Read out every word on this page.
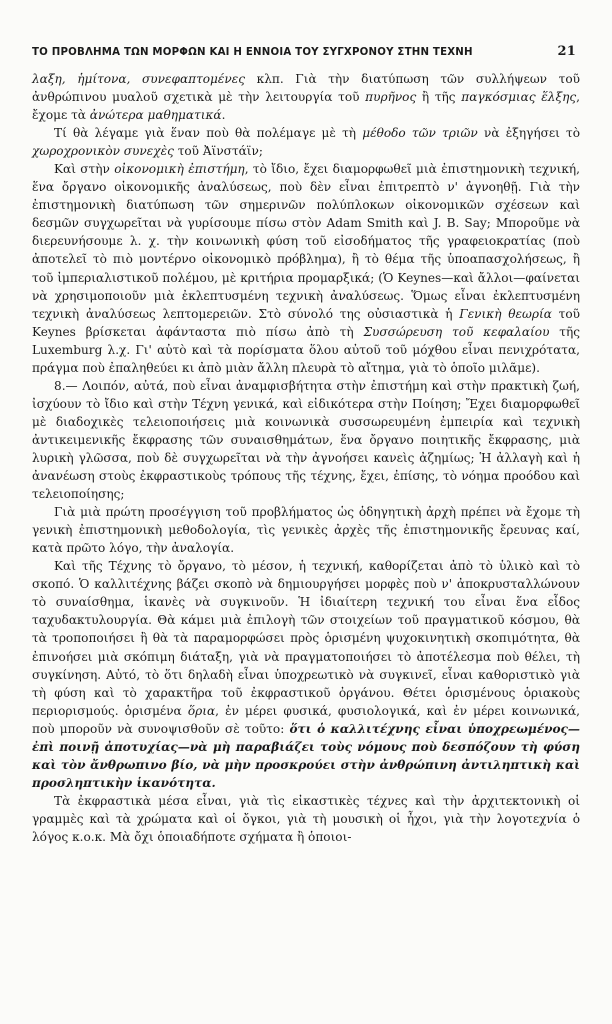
ΤΟ ΠΡΟΒΛΗΜΑ ΤΩΝ ΜΟΡΦΩΝ ΚΑΙ Η ΕΝΝΟΙΑ ΤΟΥ ΣΥΓΧΡΟΝΟΥ ΣΤΗΝ ΤΕΧΝΗ	21

λαξη, ἡμίτονα, συνεφαπτομένες κλπ. Γιὰ τὴν διατύπωση τῶν συλλήψεων τοῦ ἀνθρώπινου μυαλοῦ σχετικὰ μὲ τὴν λειτουργία τοῦ πυρῆνος ἢ τῆς παγκόσμιας ἕλξης, ἔχομε τὰ ἀνώτερα μαθηματικά.

Τί θὰ λέγαμε γιὰ ἕναν ποὺ θὰ πολέμαγε μὲ τὴ μέθοδο τῶν τριῶν νὰ ἐξηγήσει τὸ χωροχρονικὸν συνεχὲς τοῦ Ἀϊνστάϊν;

Καὶ στὴν οἰκονομικὴ ἐπιστήμη, τὸ ἴδιο, ἔχει διαμορφωθεῖ μιὰ ἐπιστημονικὴ τεχνική, ἕνα ὄργανο οἰκονομικῆς ἀναλύσεως, ποὺ δὲν εἶναι ἐπιτρεπτὸ ν' ἀγνοηθῇ. Γιὰ τὴν ἐπιστημονικὴ διατύπωση τῶν σημερινῶν πολύπλοκων οἰκονομικῶν σχέσεων καὶ δεσμῶν συγχωρεῖται νὰ γυρίσουμε πίσω στὸν Adam Smith καὶ J. B. Say; Μποροῦμε νὰ διερευνήσουμε λ. χ. τὴν κοινωνικὴ φύση τοῦ εἰσοδήματος τῆς γραφειοκρατίας (ποὺ ἀποτελεῖ τὸ πιὸ μοντέρνο οἰκονομικὸ πρόβλημα), ἢ τὸ θέμα τῆς ὑποαπασχολήσεως, ἢ τοῦ ἰμπεριαλιστικοῦ πολέμου, μὲ κριτήρια προμαρξικά; (Ὁ Keynes—καὶ ἄλλοι—φαίνεται νὰ χρησιμοποιοῦν μιὰ ἐκλεπτυσμένη τεχνικὴ ἀναλύσεως. Ὅμως εἶναι ἐκλεπτυσμένη τεχνικὴ ἀναλύσεως λεπτομερειῶν. Στὸ σύνολό της οὐσιαστικὰ ἡ Γενικὴ θεωρία τοῦ Keynes βρίσκεται ἀφάνταστα πιὸ πίσω ἀπὸ τὴ Συσσώρευση τοῦ κεφαλαίου τῆς Luxemburg λ.χ. Γι' αὐτὸ καὶ τὰ πορίσματα ὅλου αὐτοῦ τοῦ μόχθου εἶναι πενιχρότατα, πράγμα ποὺ ἐπαληθεύει κι ἀπὸ μιὰν ἄλλη πλευρὰ τὸ αἴτημα, γιὰ τὸ ὁποῖο μιλᾶμε).

8.— Λοιπόν, αὐτά, ποὺ εἶναι ἀναμφισβήτητα στὴν ἐπιστήμη καὶ στὴν πρακτικὴ ζωή, ἰσχύουν τὸ ἴδιο καὶ στὴν Τέχνη γενικά, καὶ εἰδικότερα στὴν Ποίηση; Ἔχει διαμορφωθεῖ μὲ διαδοχικὲς τελειοποιήσεις μιὰ κοινωνικὰ συσσωρευμένη ἐμπειρία καὶ τεχνικὴ ἀντικειμενικῆς ἔκφρασης τῶν συναισθημάτων, ἕνα ὄργανο ποιητικῆς ἔκφρασης, μιὰ λυρικὴ γλῶσσα, ποὺ δὲ συγχωρεῖται νὰ τὴν ἀγνοήσει κανεὶς ἀζημίως; Ἡ ἀλλαγὴ καὶ ἡ ἀνανέωση στοὺς ἐκφραστικοὺς τρόπους τῆς τέχνης, ἔχει, ἐπίσης, τὸ νόημα προόδου καὶ τελειοποίησης;

Γιὰ μιὰ πρώτη προσέγγιση τοῦ προβλήματος ὡς ὁδηγητικὴ ἀρχὴ πρέπει νὰ ἔχομε τὴ γενικὴ ἐπιστημονικὴ μεθοδολογία, τὶς γενικὲς ἀρχὲς τῆς ἐπιστημονικῆς ἔρευνας καί, κατὰ πρῶτο λόγο, τὴν ἀναλογία.

Καὶ τῆς Τέχνης τὸ ὄργανο, τὸ μέσον, ἡ τεχνική, καθορίζεται ἀπὸ τὸ ὑλικὸ καὶ τὸ σκοπό. Ὁ καλλιτέχνης βάζει σκοπὸ νὰ δημιουργήσει μορφὲς ποὺ ν' ἀποκρυσταλλώνουν τὸ συναίσθημα, ἱκανὲς νὰ συγκινοῦν. Ἡ ἰδιαίτερη τεχνική του εἶναι ἕνα εἶδος ταχυδακτυλουργία. Θὰ κάμει μιὰ ἐπιλογὴ τῶν στοιχείων τοῦ πραγματικοῦ κόσμου, θὰ τὰ τροποποιήσει ἢ θὰ τὰ παραμορφώσει πρὸς ὁρισμένη ψυχοκινητικὴ σκοπιμότητα, θὰ ἐπινοήσει μιὰ σκόπιμη διάταξη, γιὰ νὰ πραγματοποιήσει τὸ ἀποτέλεσμα ποὺ θέλει, τὴ συγκίνηση. Αὐτό, τὸ ὅτι δηλαδὴ εἶναι ὑποχρεωτικὸ νὰ συγκινεῖ, εἶναι καθοριστικὸ γιὰ τὴ φύση καὶ τὸ χαρακτῆρα τοῦ ἐκφραστικοῦ ὀργάνου. Θέτει ὁρισμένους ὁριακοὺς περιορισμούς. ὁρισμένα ὅρια, ἐν μέρει φυσικά, φυσιολογικά, καὶ ἐν μέρει κοινωνικά, ποὺ μποροῦν νὰ συνοψισθοῦν σὲ τοῦτο: ὅτι ὁ καλλιτέχνης εἶναι ὑποχρεωμένος—ἐπὶ ποινῇ ἀποτυχίας—νὰ μὴ παραβιάζει τοὺς νόμους ποὺ δεσπόζουν τὴ φύση καὶ τὸν ἄνθρωπινο βίο, νὰ μὴν προσκρούει στὴν ἀνθρώπινη ἀντιληπτικὴ καὶ προσληπτικὴν ἱκανότητα.

Τὰ ἐκφραστικὰ μέσα εἶναι, γιὰ τὶς εἰκαστικὲς τέχνες καὶ τὴν ἀρχιτεκτονικὴ οἱ γραμμὲς καὶ τὰ χρώματα καὶ οἱ ὄγκοι, γιὰ τὴ μουσικὴ οἱ ἦχοι, γιὰ τὴν λογοτεχνία ὁ λόγος κ.ο.κ. Μὰ ὄχι ὁποιαδήποτε σχήματα ἢ ὁποιοι-
